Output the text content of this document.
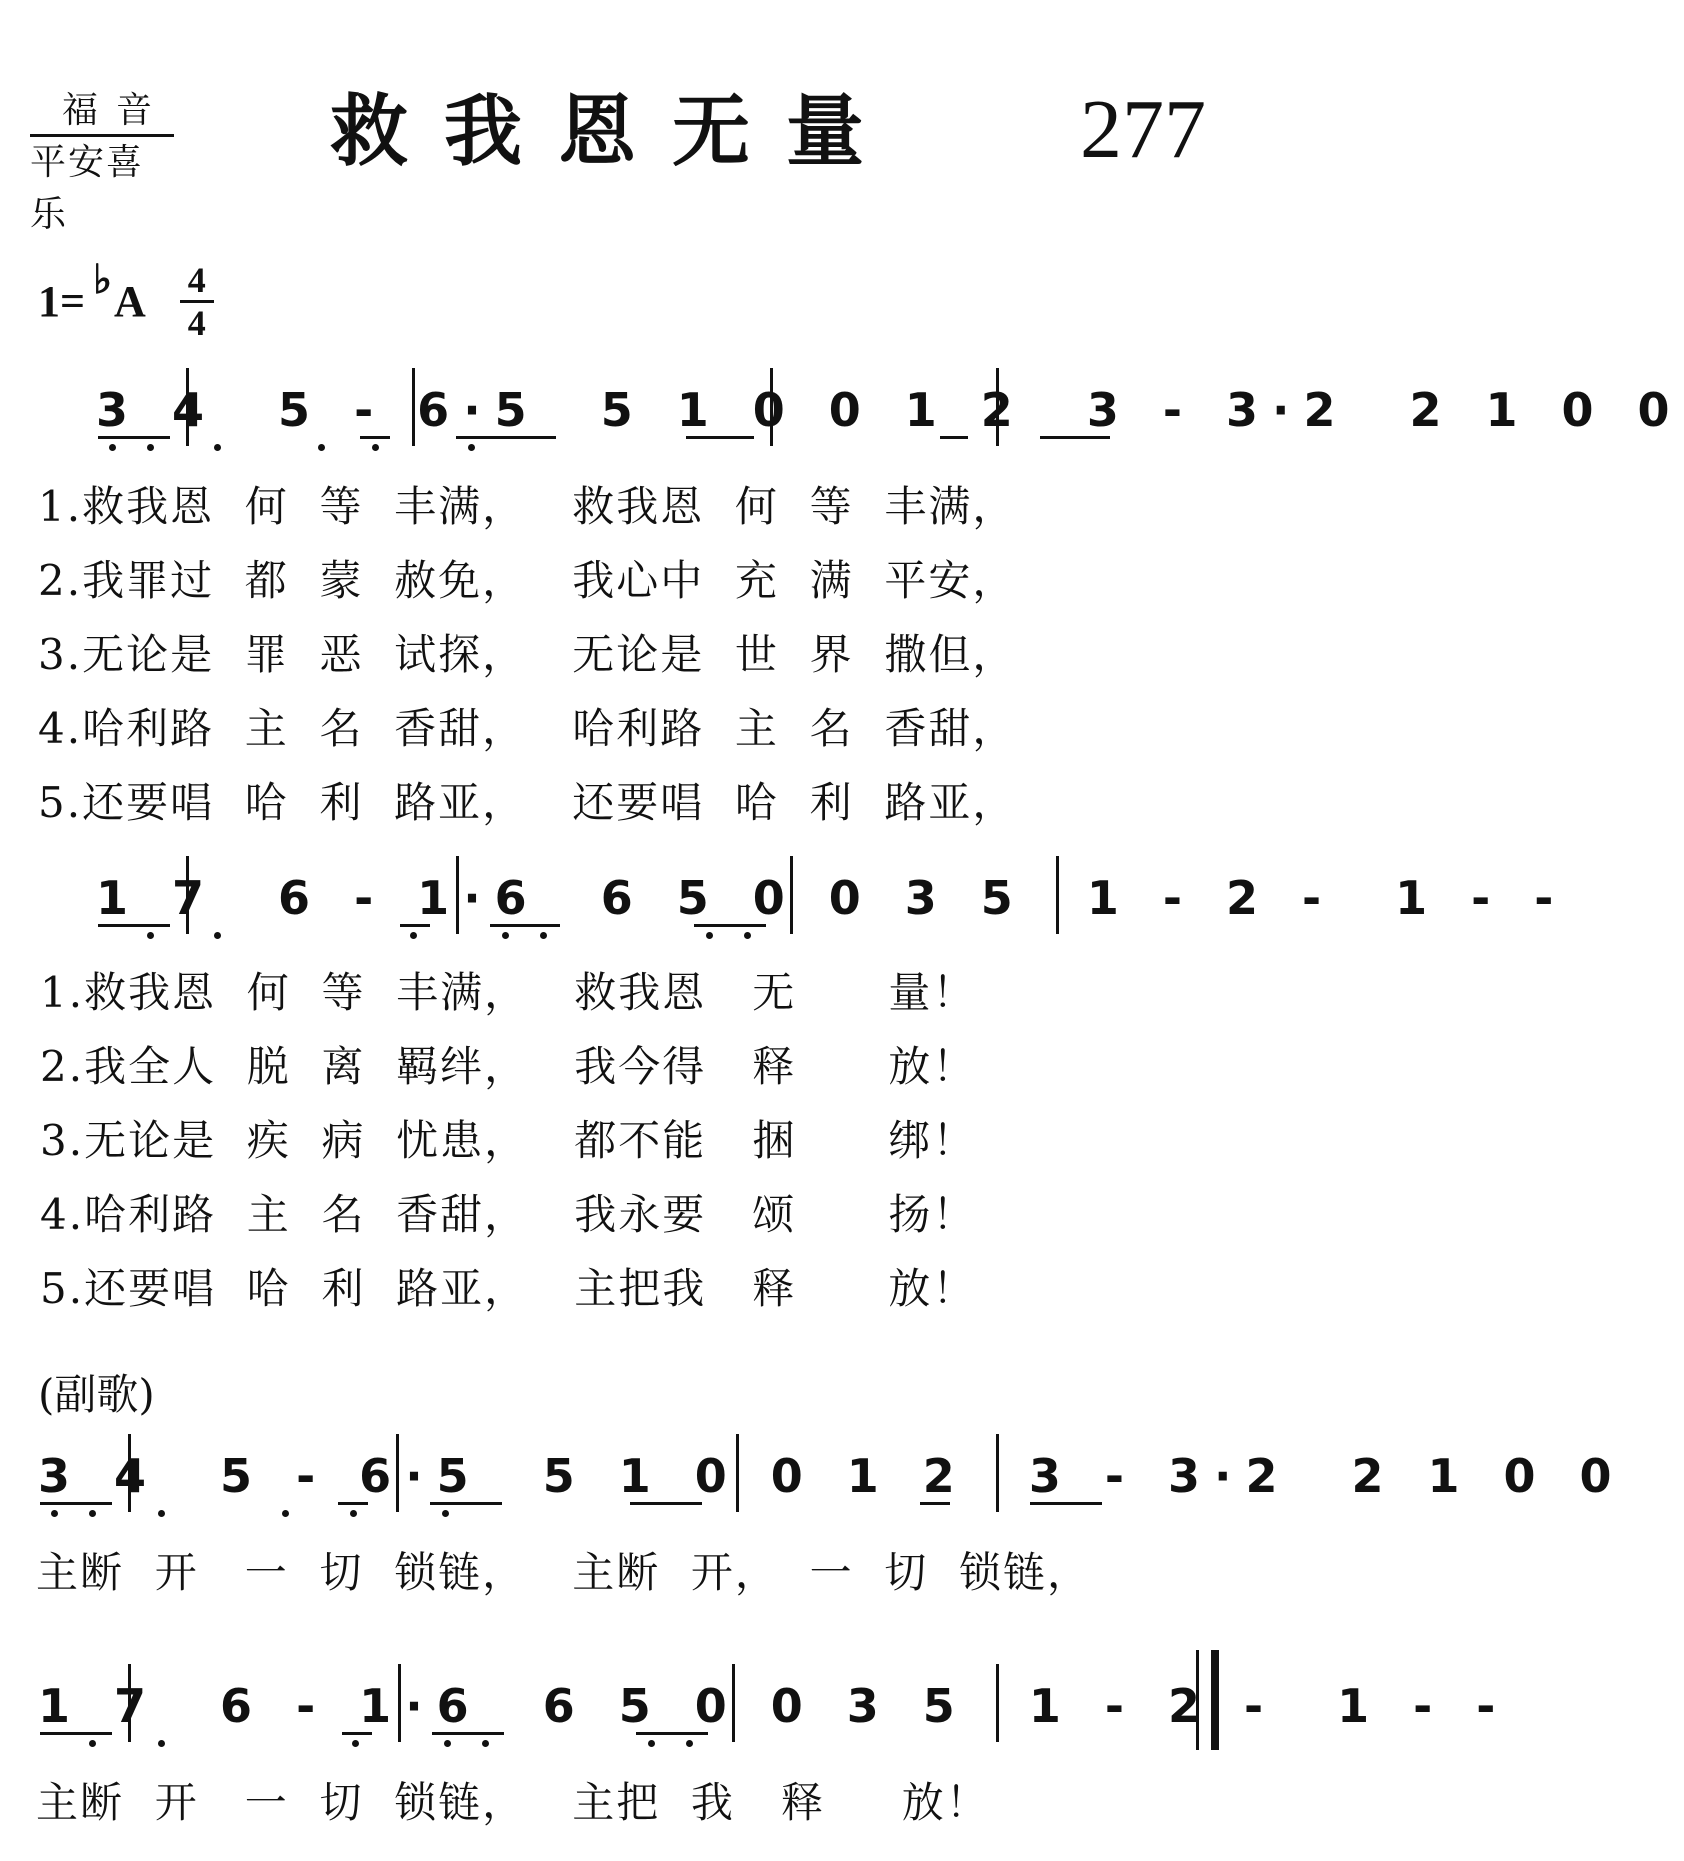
福音
平安喜乐
救我恩无量 277
1= ♭ A 4
4
3 4  5 - 6·5  5 1 0 0 1 2  3 - 3·2  2 1 0 0
1.救我恩  何  等  丰满，   救我恩  何  等  丰满，
2.我罪过  都  蒙  赦免，   我心中  充  满  平安，
3.无论是  罪  恶  试探，   无论是  世  界  撒但，
4.哈利路  主  名  香甜，   哈利路  主  名  香甜，
5.还要唱  哈  利  路亚，   还要唱  哈  利  路亚，
1 7  6 - 1·6  6 5 0 0 3 5  1 - 2 -  1 - -
1.救我恩  何  等  丰满，   救我恩   无      量！
2.我全人  脱  离  羁绊，   我今得   释      放！
3.无论是  疾  病  忧患，   都不能   捆      绑！
4.哈利路  主  名  香甜，   我永要   颂      扬！
5.还要唱  哈  利  路亚，   主把我   释      放！
(副歌)
3 4  5 - 6·5  5 1 0 0 1 2  3 - 3·2  2 1 0 0
主断  开   一  切  锁链，   主断  开，  一  切  锁链，
1 7  6 - 1·6  6 5 0 0 3 5  1 - 2 -  1 - -
主断  开   一  切  锁链，   主把  我   释     放！
